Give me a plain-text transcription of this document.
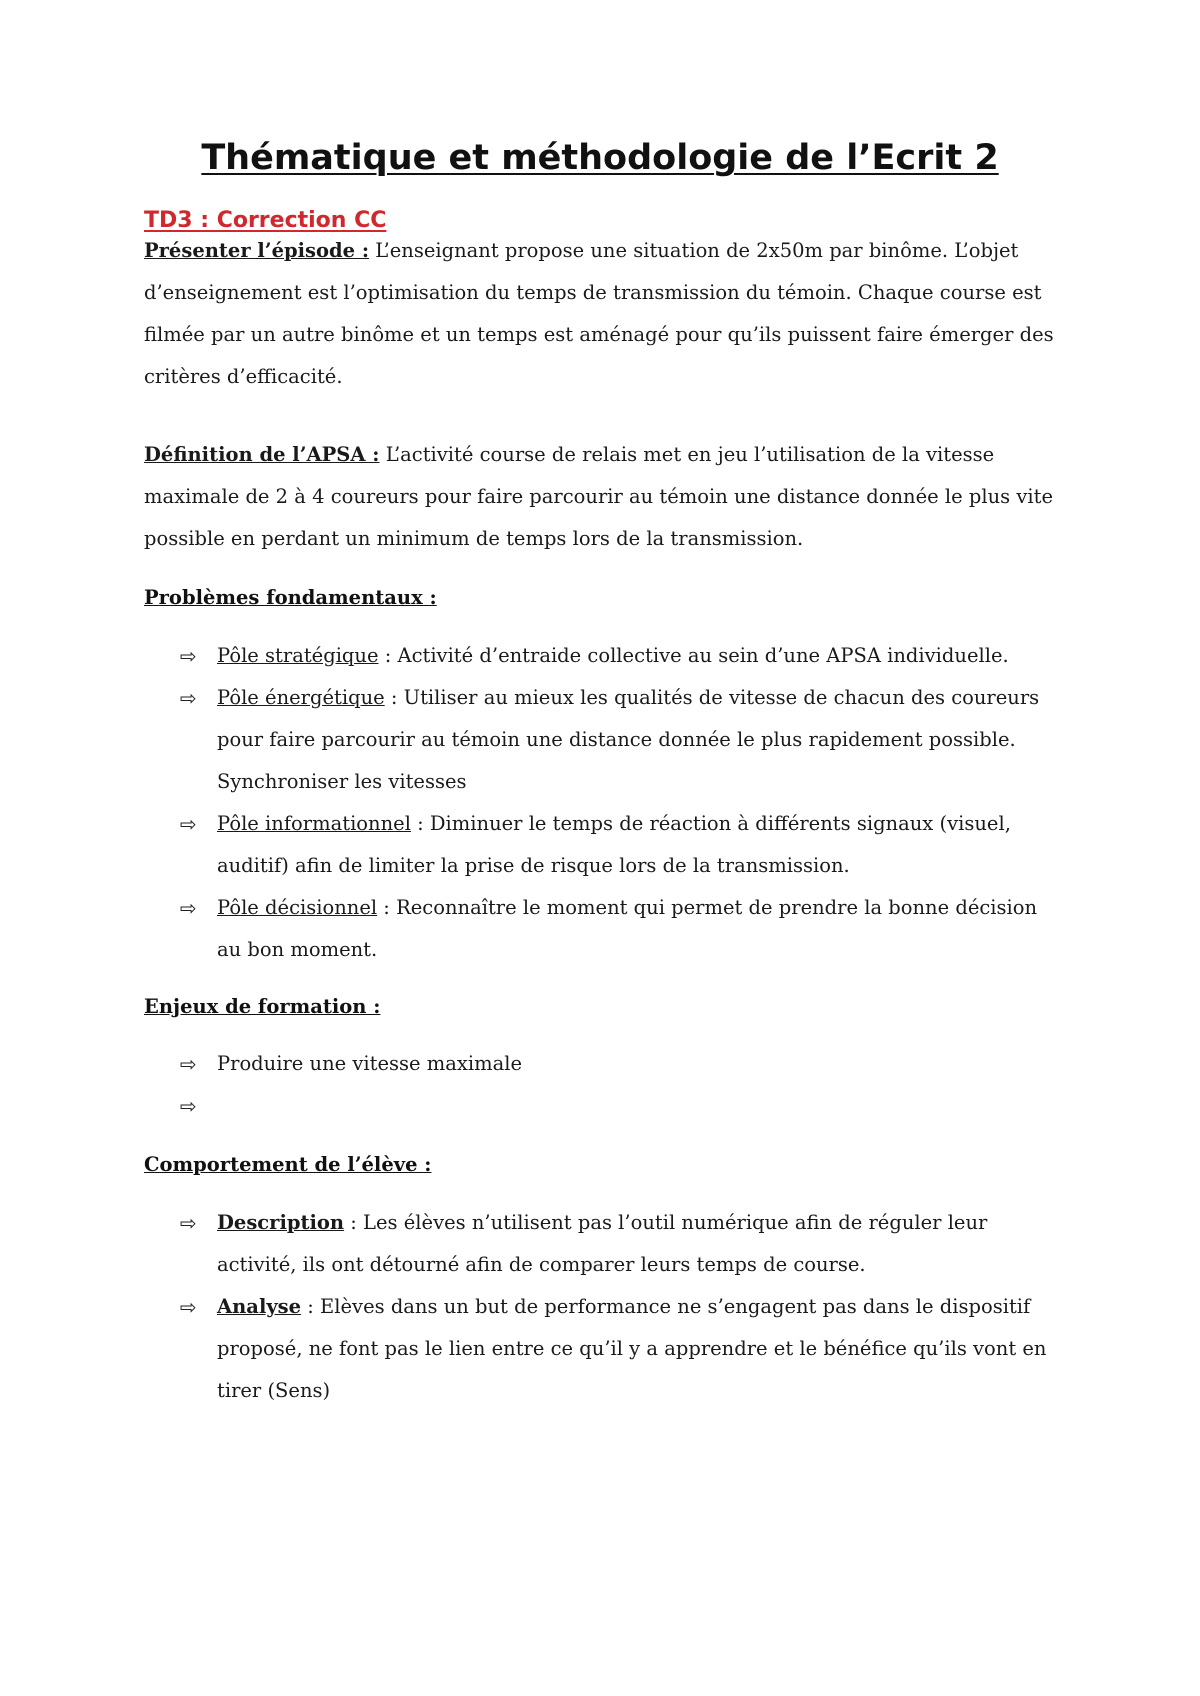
Thématique et méthodologie de l’Ecrit 2
TD3 : Correction CC

Présenter l’épisode : L’enseignant propose une situation de 2x50m par binôme. L’objet d’enseignement est l’optimisation du temps de transmission du témoin. Chaque course est filmée par un autre binôme et un temps est aménagé pour qu’ils puissent faire émerger des critères d’efficacité.

Définition de l’APSA : L’activité course de relais met en jeu l’utilisation de la vitesse maximale de 2 à 4 coureurs pour faire parcourir au témoin une distance donnée le plus vite possible en perdant un minimum de temps lors de la transmission.

Problèmes fondamentaux :
⇨ Pôle stratégique : Activité d’entraide collective au sein d’une APSA individuelle.
⇨ Pôle énergétique : Utiliser au mieux les qualités de vitesse de chacun des coureurs pour faire parcourir au témoin une distance donnée le plus rapidement possible. Synchroniser les vitesses
⇨ Pôle informationnel : Diminuer le temps de réaction à différents signaux (visuel, auditif) afin de limiter la prise de risque lors de la transmission.
⇨ Pôle décisionnel : Reconnaître le moment qui permet de prendre la bonne décision au bon moment.
Enjeux de formation :
⇨ Produire une vitesse maximale
⇨
Comportement de l’élève :
⇨ Description : Les élèves n’utilisent pas l’outil numérique afin de réguler leur activité, ils ont détourné afin de comparer leurs temps de course.
⇨ Analyse : Elèves dans un but de performance ne s’engagent pas dans le dispositif proposé, ne font pas le lien entre ce qu’il y a apprendre et le bénéfice qu’ils vont en tirer (Sens)
